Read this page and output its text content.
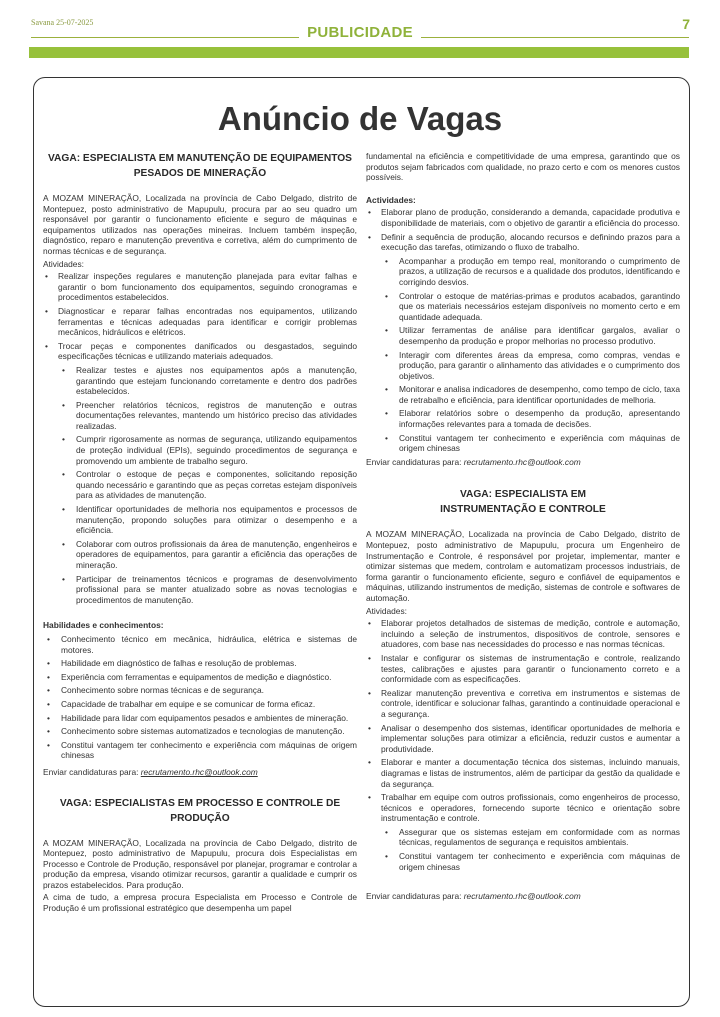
Savana 25-07-2025
PUBLICIDADE	7
Anúncio de Vagas
VAGA: ESPECIALISTA EM MANUTENÇÃO DE EQUIPAMENTOS PESADOS DE MINERAÇÃO
A MOZAM MINERAÇÃO, Localizada na província de Cabo Delgado, distrito de Montepuez, posto administrativo de Mapupulu, procura par ao seu quadro um responsável por garantir o funcionamento eficiente e seguro de máquinas e equipamentos utilizados nas operações mineiras. Incluem também inspeção, diagnóstico, reparo e manutenção preventiva e corretiva, além do cumprimento de normas técnicas e de segurança.
Atividades:
• Realizar inspeções regulares e manutenção planejada para evitar falhas e garantir o bom funcionamento dos equipamentos, seguindo cronogramas e procedimentos estabelecidos.
• Diagnosticar e reparar falhas encontradas nos equipamentos, utilizando ferramentas e técnicas adequadas para identificar e corrigir problemas mecânicos, hidráulicos e elétricos.
• Trocar peças e componentes danificados ou desgastados, seguindo especificações técnicas e utilizando materiais adequados.
• Realizar testes e ajustes nos equipamentos após a manutenção, garantindo que estejam funcionando corretamente e dentro dos padrões estabelecidos.
• Preencher relatórios técnicos, registros de manutenção e outras documentações relevantes, mantendo um histórico preciso das atividades realizadas.
• Cumprir rigorosamente as normas de segurança, utilizando equipamentos de proteção individual (EPIs), seguindo procedimentos de segurança e promovendo um ambiente de trabalho seguro.
• Controlar o estoque de peças e componentes, solicitando reposição quando necessário e garantindo que as peças corretas estejam disponíveis para as atividades de manutenção.
• Identificar oportunidades de melhoria nos equipamentos e processos de manutenção, propondo soluções para otimizar o desempenho e a eficiência.
• Colaborar com outros profissionais da área de manutenção, engenheiros e operadores de equipamentos, para garantir a eficiência das operações de mineração.
• Participar de treinamentos técnicos e programas de desenvolvimento profissional para se manter atualizado sobre as novas tecnologias e procedimentos de manutenção.
Habilidades e conhecimentos:
• Conhecimento técnico em mecânica, hidráulica, elétrica e sistemas de motores.
• Habilidade em diagnóstico de falhas e resolução de problemas.
• Experiência com ferramentas e equipamentos de medição e diagnóstico.
• Conhecimento sobre normas técnicas e de segurança.
• Capacidade de trabalhar em equipe e se comunicar de forma eficaz.
• Habilidade para lidar com equipamentos pesados e ambientes de mineração.
• Conhecimento sobre sistemas automatizados e tecnologias de manutenção.
• Constitui vantagem ter conhecimento e experiência com máquinas de origem chinesas
Enviar candidaturas para: recrutamento.rhc@outlook.com
VAGA: ESPECIALISTAS EM PROCESSO E CONTROLE DE PRODUÇÃO
A MOZAM MINERAÇÃO, Localizada na província de Cabo Delgado, distrito de Montepuez, posto administrativo de Mapupulu, procura dois Especialistas em Processo e Controle de Produção, responsável por planejar, programar e controlar a produção da empresa, visando otimizar recursos, garantir a qualidade e cumprir os prazos estabelecidos. Para produção.
A cima de tudo, a empresa procura Especialista em Processo e Controle de Produção é um profissional estratégico que desempenha um papel
fundamental na eficiência e competitividade de uma empresa, garantindo que os produtos sejam fabricados com qualidade, no prazo certo e com os menores custos possíveis.
Actividades:
• Elaborar plano de produção, considerando a demanda, capacidade produtiva e disponibilidade de materiais, com o objetivo de garantir a eficiência do processo.
• Definir a sequência de produção, alocando recursos e definindo prazos para a execução das tarefas, otimizando o fluxo de trabalho.
• Acompanhar a produção em tempo real, monitorando o cumprimento de prazos, a utilização de recursos e a qualidade dos produtos, identificando e corrigindo desvios.
• Controlar o estoque de matérias-primas e produtos acabados, garantindo que os materiais necessários estejam disponíveis no momento certo e em quantidade adequada.
• Utilizar ferramentas de análise para identificar gargalos, avaliar o desempenho da produção e propor melhorias no processo produtivo.
• Interagir com diferentes áreas da empresa, como compras, vendas e produção, para garantir o alinhamento das atividades e o cumprimento dos objetivos.
• Monitorar e analisa indicadores de desempenho, como tempo de ciclo, taxa de retrabalho e eficiência, para identificar oportunidades de melhoria.
• Elaborar relatórios sobre o desempenho da produção, apresentando informações relevantes para a tomada de decisões.
• Constitui vantagem ter conhecimento e experiência com máquinas de origem chinesas
Enviar candidaturas para: recrutamento.rhc@outlook.com
VAGA: ESPECIALISTA EM INSTRUMENTAÇÃO E CONTROLE
A MOZAM MINERAÇÃO, Localizada na província de Cabo Delgado, distrito de Montepuez, posto administrativo de Mapupulu, procura um Engenheiro de Instrumentação e Controle, é responsável por projetar, implementar, manter e otimizar sistemas que medem, controlam e automatizam processos industriais, de forma garantir o funcionamento eficiente, seguro e confiável de equipamentos e máquinas, utilizando instrumentos de medição, sistemas de controle e softwares de automação.
Atividades:
• Elaborar projetos detalhados de sistemas de medição, controle e automação, incluindo a seleção de instrumentos, dispositivos de controle, sensores e atuadores, com base nas necessidades do processo e nas normas técnicas.
• Instalar e configurar os sistemas de instrumentação e controle, realizando testes, calibrações e ajustes para garantir o funcionamento correto e a conformidade com as especificações.
• Realizar manutenção preventiva e corretiva em instrumentos e sistemas de controle, identificar e solucionar falhas, garantindo a continuidade operacional e a segurança.
• Analisar o desempenho dos sistemas, identificar oportunidades de melhoria e implementar soluções para otimizar a eficiência, reduzir custos e aumentar a produtividade.
• Elaborar e manter a documentação técnica dos sistemas, incluindo manuais, diagramas e listas de instrumentos, além de participar da gestão da qualidade e da segurança.
• Trabalhar em equipe com outros profissionais, como engenheiros de processo, técnicos e operadores, fornecendo suporte técnico e orientação sobre instrumentação e controle.
• Assegurar que os sistemas estejam em conformidade com as normas técnicas, regulamentos de segurança e requisitos ambientais.
• Constitui vantagem ter conhecimento e experiência com máquinas de origem chinesas
Enviar candidaturas para: recrutamento.rhc@outlook.com
